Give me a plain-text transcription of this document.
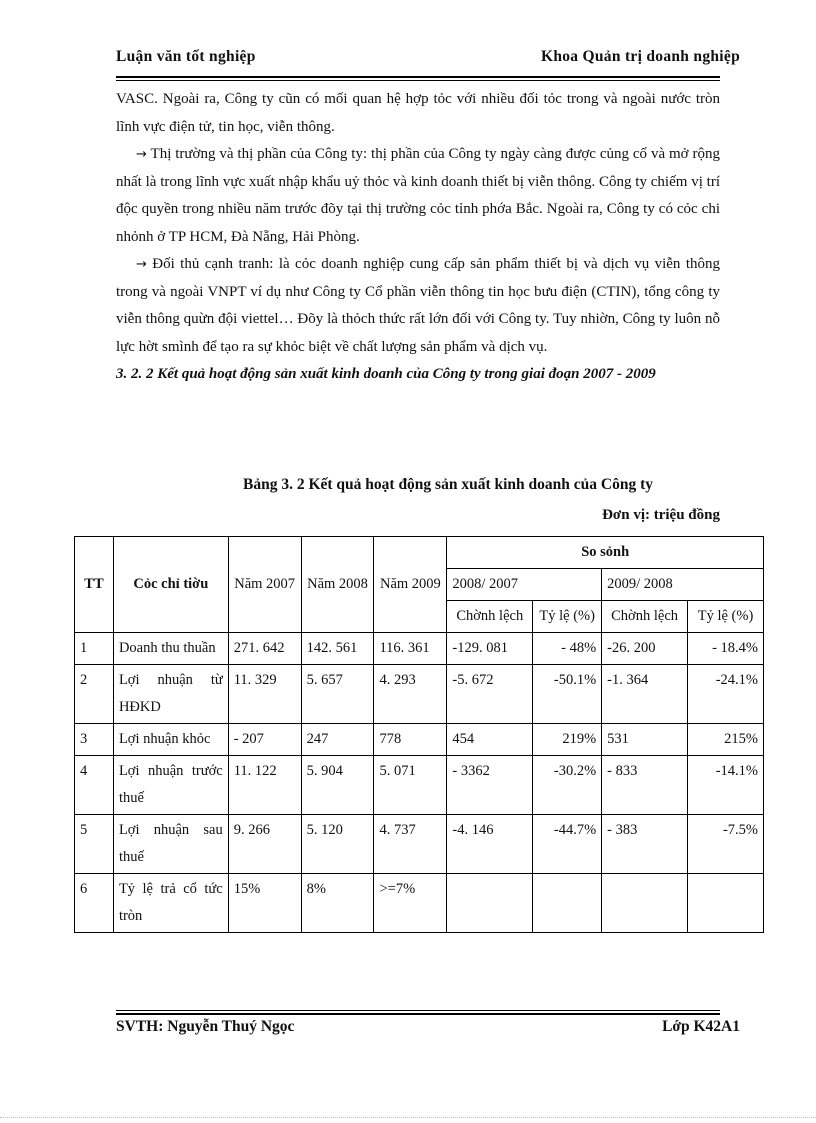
Luận văn tốt nghiệp	Khoa Quản trị doanh nghiệp

VASC. Ngoài ra, Công ty cũn có mối quan hệ hợp tỏc với nhiều đối tỏc trong và ngoài nước tròn lĩnh vực điện tử, tin học, viễn thông.

→ Thị trường và thị phần của Công ty: thị phần của Công ty ngày càng được củng cố và mở rộng nhất là trong lĩnh vực xuất nhập khẩu uỷ thỏc và kinh doanh thiết bị viễn thông. Công ty chiếm vị trí độc quyền trong nhiều năm trước đõy tại thị trường cỏc tỉnh phớa Bắc. Ngoài ra, Công ty có cỏc chi nhỏnh ở TP HCM, Đà Nẵng, Hải Phòng.

→ Đối thủ cạnh tranh: là cỏc doanh nghiệp cung cấp sản phẩm thiết bị và dịch vụ viễn thông trong và ngoài VNPT ví dụ như Công ty Cổ phần viễn thông tin học bưu điện (CTIN), tổng công ty viễn thông quừn đội viettel… Đõy là thỏch thức rất lớn đối với Công ty. Tuy nhiờn, Công ty luôn nỗ lực hờt smình để tạo ra sự khỏc biệt về chất lượng sản phẩm và dịch vụ.

3. 2. 2 Kết quả hoạt động sản xuất kinh doanh của Công ty trong giai đoạn 2007 - 2009

Bảng 3. 2 Kết quả hoạt động sản xuất kinh doanh của Công ty
Đơn vị: triệu đồng
TT	Cỏc chỉ tiờu	Năm 2007	Năm 2008	Năm 2009	So sỏnh			
					2008/ 2007		2009/ 2008	
					Chờnh lệch	Tỷ lệ (%)	Chờnh lệch	Tỷ lệ (%)
1	Doanh thu thuần	271. 642	142. 561	116. 361	-129. 081	- 48%	-26. 200	- 18.4%
2	Lợi nhuận từ HĐKD	11. 329	5. 657	4. 293	-5. 672	-50.1%	-1. 364	-24.1%
3	Lợi nhuận khỏc	- 207	247	778	454	219%	531	215%
4	Lợi nhuận trước thuế	11. 122	5. 904	5. 071	- 3362	-30.2%	- 833	-14.1%
5	Lợi nhuận sau thuế	9. 266	5. 120	4. 737	-4. 146	-44.7%	- 383	-7.5%
6	Tỷ lệ trả cổ tức tròn	15%	8%	>=7%				
SVTH: Nguyễn Thuý Ngọc	Lớp K42A1
